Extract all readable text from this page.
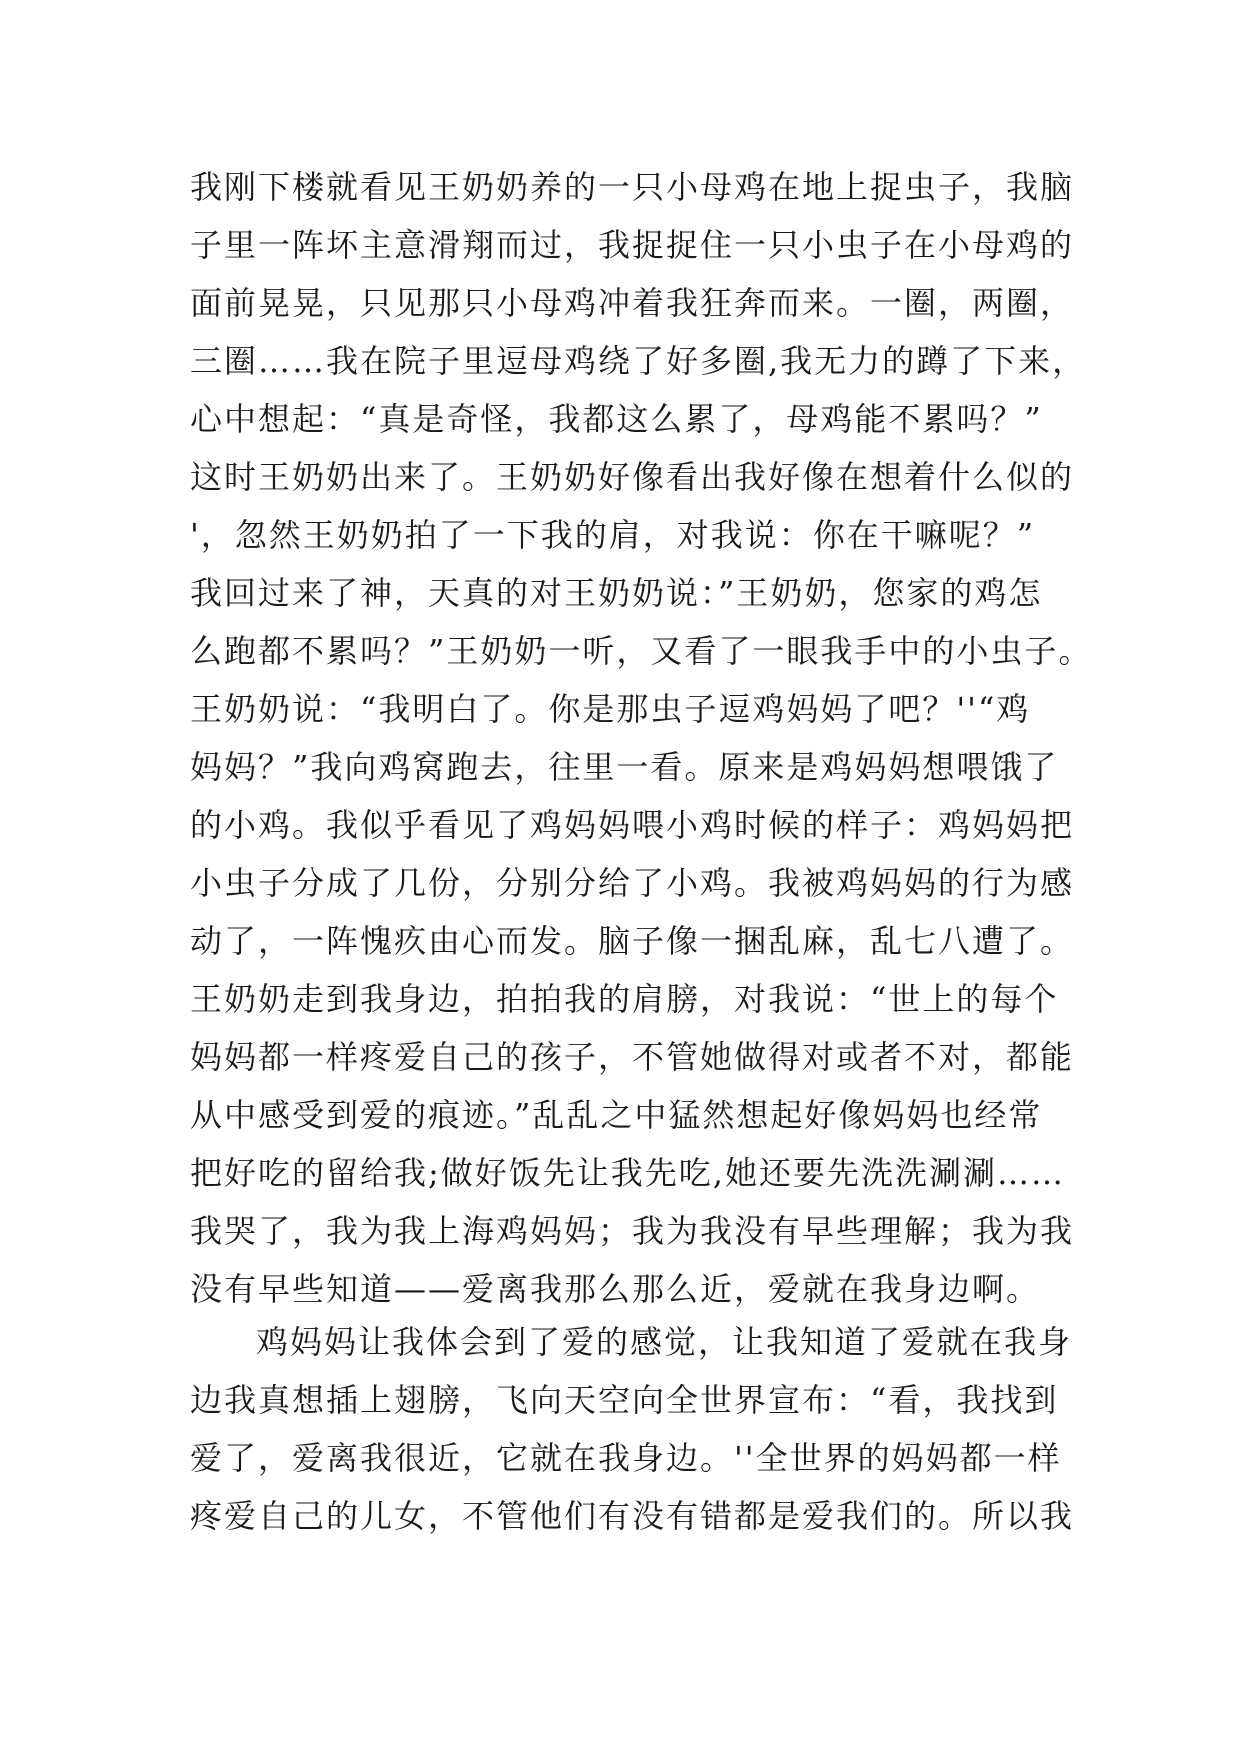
我刚下楼就看见王奶奶养的一只小母鸡在地上捉虫子，我脑
子里一阵坏主意滑翔而过，我捉捉住一只小虫子在小母鸡的
面前晃晃，只见那只小母鸡冲着我狂奔而来。一圈，两圈，
三圈……我在院子里逗母鸡绕了好多圈,我无力的蹲了下来，
心中想起：“真是奇怪，我都这么累了，母鸡能不累吗？”
这时王奶奶出来了。王奶奶好像看出我好像在想着什么似的
'，忽然王奶奶拍了一下我的肩，对我说：你在干嘛呢？”
我回过来了神，天真的对王奶奶说：”王奶奶，您家的鸡怎
么跑都不累吗？”王奶奶一听，又看了一眼我手中的小虫子。
王奶奶说：“我明白了。你是那虫子逗鸡妈妈了吧？''“鸡
妈妈？”我向鸡窝跑去，往里一看。原来是鸡妈妈想喂饿了
的小鸡。我似乎看见了鸡妈妈喂小鸡时候的样子：鸡妈妈把
小虫子分成了几份，分别分给了小鸡。我被鸡妈妈的行为感
动了，一阵愧疚由心而发。脑子像一捆乱麻，乱七八遭了。
王奶奶走到我身边，拍拍我的肩膀，对我说：“世上的每个
妈妈都一样疼爱自己的孩子，不管她做得对或者不对，都能
从中感受到爱的痕迹。”乱乱之中猛然想起好像妈妈也经常
把好吃的留给我;做好饭先让我先吃,她还要先洗洗涮涮……
我哭了，我为我上海鸡妈妈；我为我没有早些理解；我为我
没有早些知道——爱离我那么那么近，爱就在我身边啊。
鸡妈妈让我体会到了爱的感觉，让我知道了爱就在我身
边我真想插上翅膀，飞向天空向全世界宣布：“看，我找到
爱了，爱离我很近，它就在我身边。''全世界的妈妈都一样
疼爱自己的儿女，不管他们有没有错都是爱我们的。所以我
